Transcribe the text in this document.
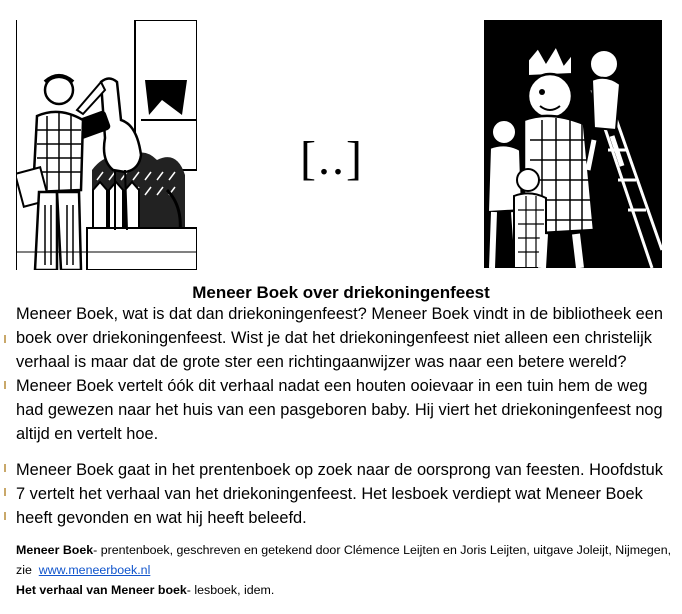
[..]
Meneer Boek over driekoningenfeest

Meneer Boek, wat is dat dan driekoningenfeest? Meneer Boek vindt in de bibliotheek een boek over driekoningenfeest. Wist je dat het driekoningenfeest niet alleen een christelijk verhaal is maar dat de grote ster een richtingaanwijzer was naar een betere wereld? Meneer Boek vertelt óók dit verhaal nadat een houten ooievaar in een tuin hem de weg had gewezen naar het huis van een pasgeboren baby. Hij viert het driekoningenfeest nog altijd en vertelt hoe.

Meneer Boek gaat in het prentenboek op zoek naar de oorsprong van feesten. Hoofdstuk 7 vertelt het verhaal van het driekoningenfeest. Het lesboek verdiept wat Meneer Boek heeft gevonden en wat hij heeft beleefd.

Meneer Boek- prentenboek, geschreven en getekend door Clémence Leijten en Joris Leijten, uitgave Joleijt, Nijmegen, zie  www.meneerboek.nl
Het verhaal van Meneer boek- lesboek, idem.
